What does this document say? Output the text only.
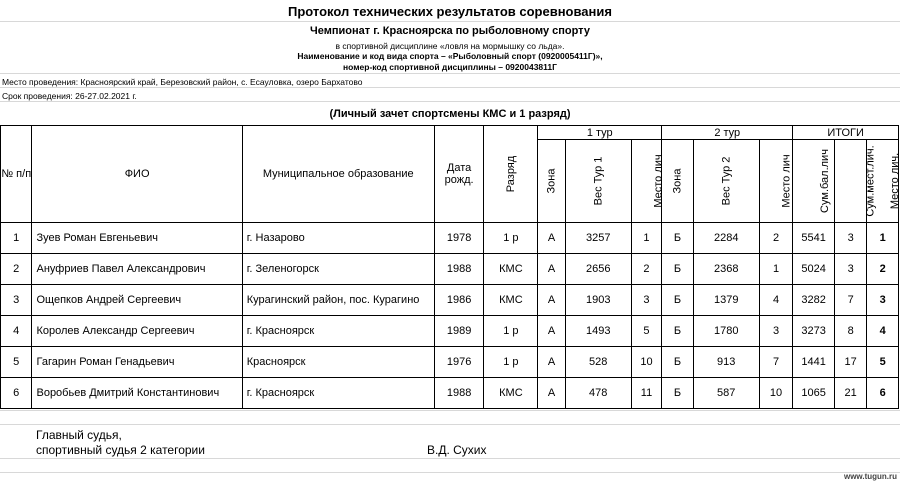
Протокол технических результатов соревнования
Чемпионат г. Красноярска по рыболовному спорту
в спортивной дисциплине «ловля на мормышку со льда».
Наименование и код вида спорта – «Рыболовный спорт (0920005411Г)»,
номер-код спортивной дисциплины – 0920043811Г
Место проведения: Красноярский край, Березовский район, с. Есауловка, озеро Бархатово
Срок проведения: 26-27.02.2021 г.
(Личный зачет спортсмены КМС и 1 разряд)
№ п/п	ФИО	Муниципальное образование	Дата рожд.	Разряд	1 тур			2 тур			ИТОГИ		
					Зона	Вес Тур 1	Место лич	Зона	Вес Тур 2	Место лич	Сум.бал.лич	Сум.мест.лич.	Место лич.
1	Зуев Роман Евгеньевич	г. Назарово	1978	1 р	А	3257	1	Б	2284	2	5541	3	1
2	Ануфриев Павел Александрович	г. Зеленогорск	1988	КМС	А	2656	2	Б	2368	1	5024	3	2
3	Ощепков Андрей Сергеевич	Курагинский район, пос. Курагино	1986	КМС	А	1903	3	Б	1379	4	3282	7	3
4	Королев Александр Сергеевич	г. Красноярск	1989	1 р	А	1493	5	Б	1780	3	3273	8	4
5	Гагарин Роман Генадьевич	Красноярск	1976	1 р	А	528	10	Б	913	7	1441	17	5
6	Воробьев Дмитрий Константинович	г. Красноярск	1988	КМС	А	478	11	Б	587	10	1065	21	6
Главный судья,
спортивный судья 2 категории	В.Д. Сухих
www.tugun.ru
